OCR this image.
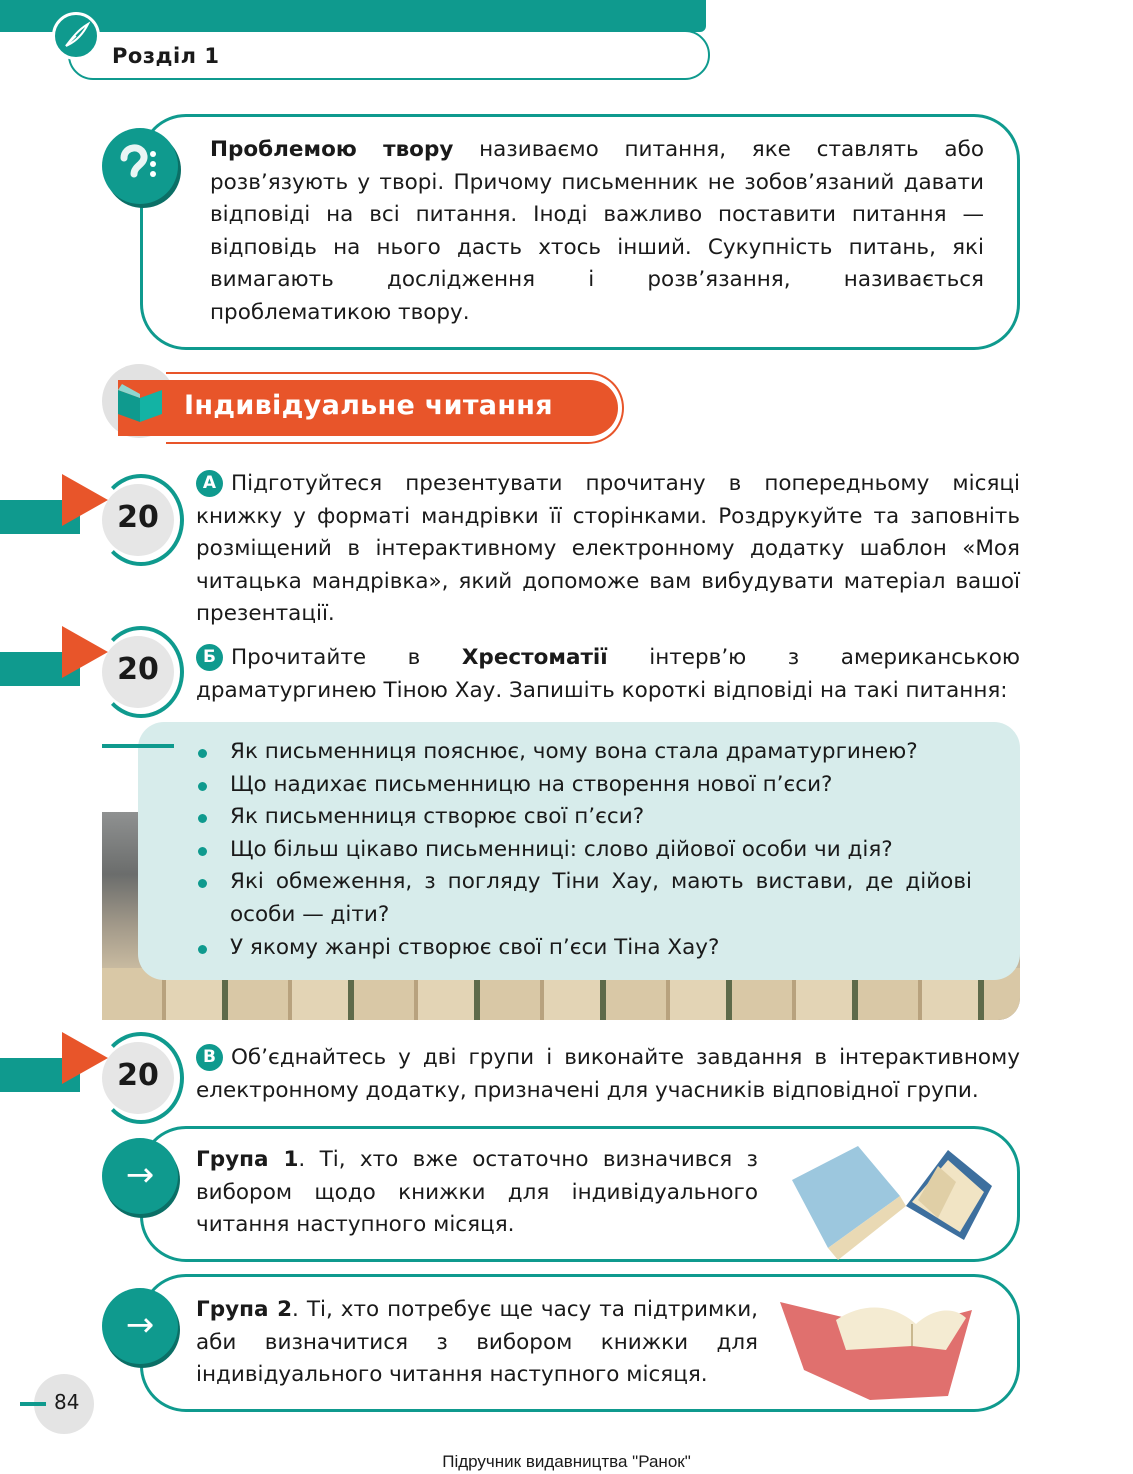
Розділ 1
Проблемою твору називаємо питання, яке ставлять або розв’язують у творі. Причому письменник не зобов’язаний давати відповіді на всі питання. Іноді важливо поставити питання — відповідь на нього дасть хтось інший. Сукупність питань, які вимагають дослідження і розв’язання, називається проблематикою твору.
Індивідуальне читання
20
А Підготуйтеся презентувати прочитану в попередньому місяці книжку у форматі мандрівки її сторінками. Роздрукуйте та заповніть розміщений в інтерактивному електронному додатку шаблон «Моя читацька мандрівка», який допоможе вам вибудувати матеріал вашої презентації.
20	Б Прочитайте в Хрестоматії інтерв’ю з американською драматургинею Тіною Хау. Запишіть короткі відповіді на такі питання:
Як письменниця пояснює, чому вона стала драматургинею?
Що надихає письменницю на створення нової п’єси?
Як письменниця створює свої п’єси?
Що більш цікаво письменниці: слово дійової особи чи дія?
Які обмеження, з погляду Тіни Хау, мають вистави, де дійові особи — діти?
У якому жанрі створює свої п’єси Тіна Хау?
20
В Об’єднайтесь у дві групи і виконайте завдання в інтерактивному електронному додатку, призначені для учасників відповідної групи.
→	Група 1. Ті, хто вже остаточно визначився з вибором щодо книжки для індивідуального читання наступного місяця.
→	Група 2. Ті, хто потребує ще часу та підтримки, аби визначитися з вибором книжки для індивідуального читання наступного місяця.
84
Підручник видавництва "Ранок"
